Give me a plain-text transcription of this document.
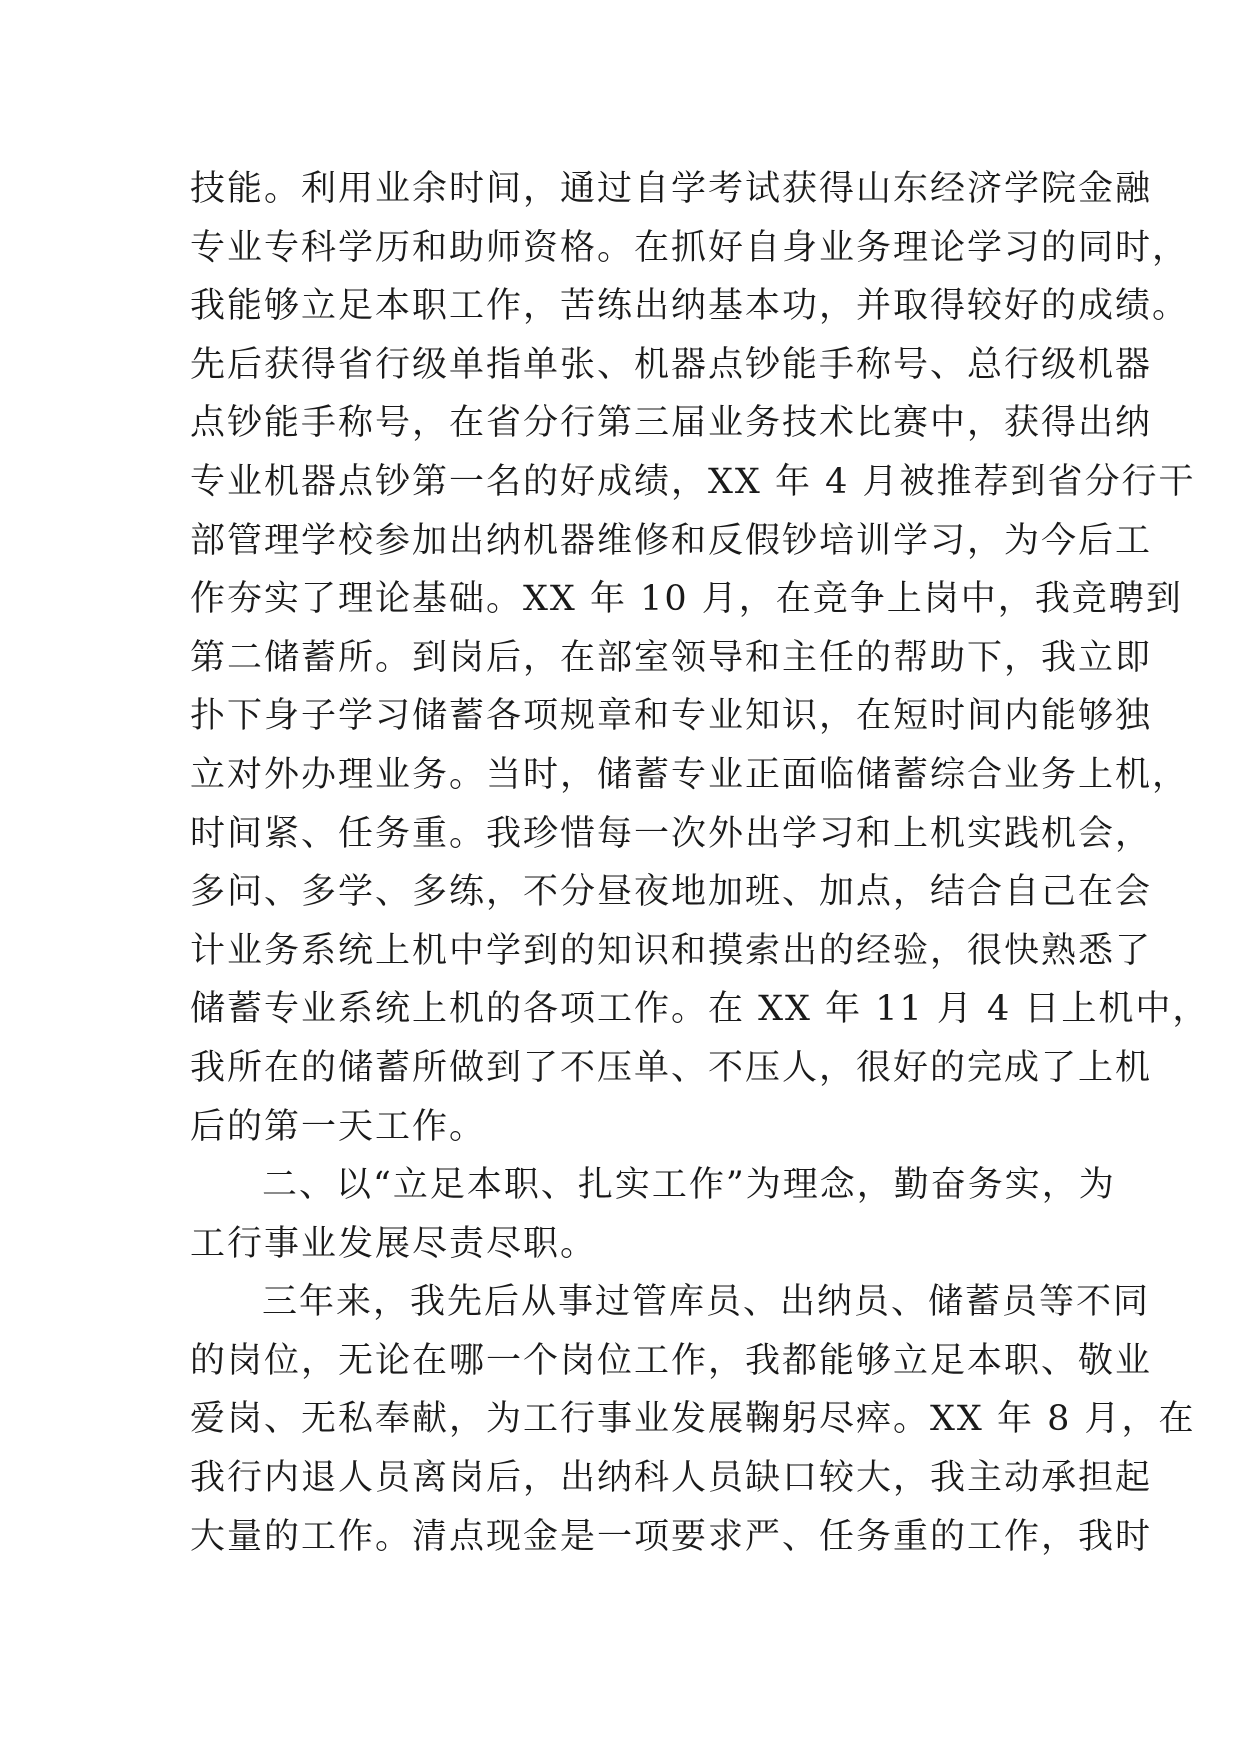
技能。利用业余时间，通过自学考试获得山东经济学院金融
专业专科学历和助师资格。在抓好自身业务理论学习的同时，
我能够立足本职工作，苦练出纳基本功，并取得较好的成绩。
先后获得省行级单指单张、机器点钞能手称号、总行级机器
点钞能手称号，在省分行第三届业务技术比赛中，获得出纳
专业机器点钞第一名的好成绩，XX 年 4 月被推荐到省分行干
部管理学校参加出纳机器维修和反假钞培训学习，为今后工
作夯实了理论基础。XX 年 10 月，在竞争上岗中，我竞聘到
第二储蓄所。到岗后，在部室领导和主任的帮助下，我立即
扑下身子学习储蓄各项规章和专业知识，在短时间内能够独
立对外办理业务。当时，储蓄专业正面临储蓄综合业务上机，
时间紧、任务重。我珍惜每一次外出学习和上机实践机会，
多问、多学、多练，不分昼夜地加班、加点，结合自己在会
计业务系统上机中学到的知识和摸索出的经验，很快熟悉了
储蓄专业系统上机的各项工作。在 XX 年 11 月 4 日上机中，
我所在的储蓄所做到了不压单、不压人，很好的完成了上机
后的第一天工作。
二、以“立足本职、扎实工作”为理念，勤奋务实，为
工行事业发展尽责尽职。
三年来，我先后从事过管库员、出纳员、储蓄员等不同
的岗位，无论在哪一个岗位工作，我都能够立足本职、敬业
爱岗、无私奉献，为工行事业发展鞠躬尽瘁。XX 年 8 月，在
我行内退人员离岗后，出纳科人员缺口较大，我主动承担起
大量的工作。清点现金是一项要求严、任务重的工作，我时
